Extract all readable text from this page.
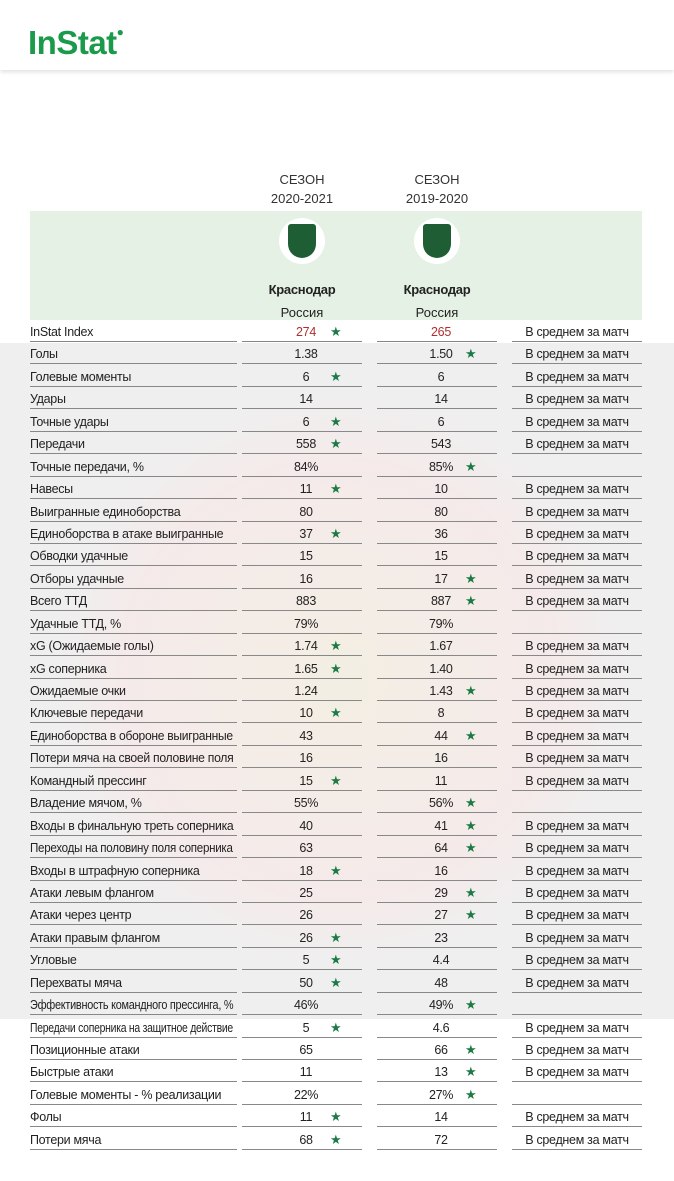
InStat●
СЕЗОН
2020-2021
СЕЗОН
2019-2020
Краснодар
Россия
Краснодар
Россия
InStat Index	274	★	265	В среднем за матч
Голы	1.38	1.50 ★	В среднем за матч
Голевые моменты	6	★	6	В среднем за матч
Удары	14	14	В среднем за матч
Точные удары	6	★	6	В среднем за матч
Передачи	558	★	543	В среднем за матч
Точные передачи, %	84%	85% ★
Навесы	11	★	10	В среднем за матч
Выигранные единоборства	80	80	В среднем за матч
Единоборства в атаке выигранные	37	★	36	В среднем за матч
Обводки удачные	15	15	В среднем за матч
Отборы удачные	16	17	★	В среднем за матч
Всего ТТД	883	887	★	В среднем за матч
Удачные ТТД, %	79%	79%
xG (Ожидаемые голы)	1.74 ★	1.67	В среднем за матч
xG соперника	1.65 ★	1.40	В среднем за матч
Ожидаемые очки	1.24	1.43 ★	В среднем за матч
Ключевые передачи	10	★	8	В среднем за матч
Единоборства в обороне выигранные	43	44	★	В среднем за матч
Потери мяча на своей половине поля	16	16	В среднем за матч
Командный прессинг	15	★	11	В среднем за матч
Владение мячом, %	55%	56% ★
Входы в финальную треть соперника	40	41	★	В среднем за матч
Переходы на половину поля соперника	63	64	★	В среднем за матч
Входы в штрафную соперника	18	★	16	В среднем за матч
Атаки левым флангом	25	29	★	В среднем за матч
Атаки через центр	26	27	★	В среднем за матч
Атаки правым флангом	26	★	23	В среднем за матч
Угловые	5	★	4.4	В среднем за матч
Перехваты мяча	50	★	48	В среднем за матч
Эффективность командного прессинга, %	46%	49% ★
Передачи соперника на защитное действие	5	★	4.6	В среднем за матч
Позиционные атаки	65	66	★	В среднем за матч
Быстрые атаки	11	13	★	В среднем за матч
Голевые моменты - % реализации	22%	27% ★
Фолы	11	★	14	В среднем за матч
Потери мяча	68	★	72	В среднем за матч
